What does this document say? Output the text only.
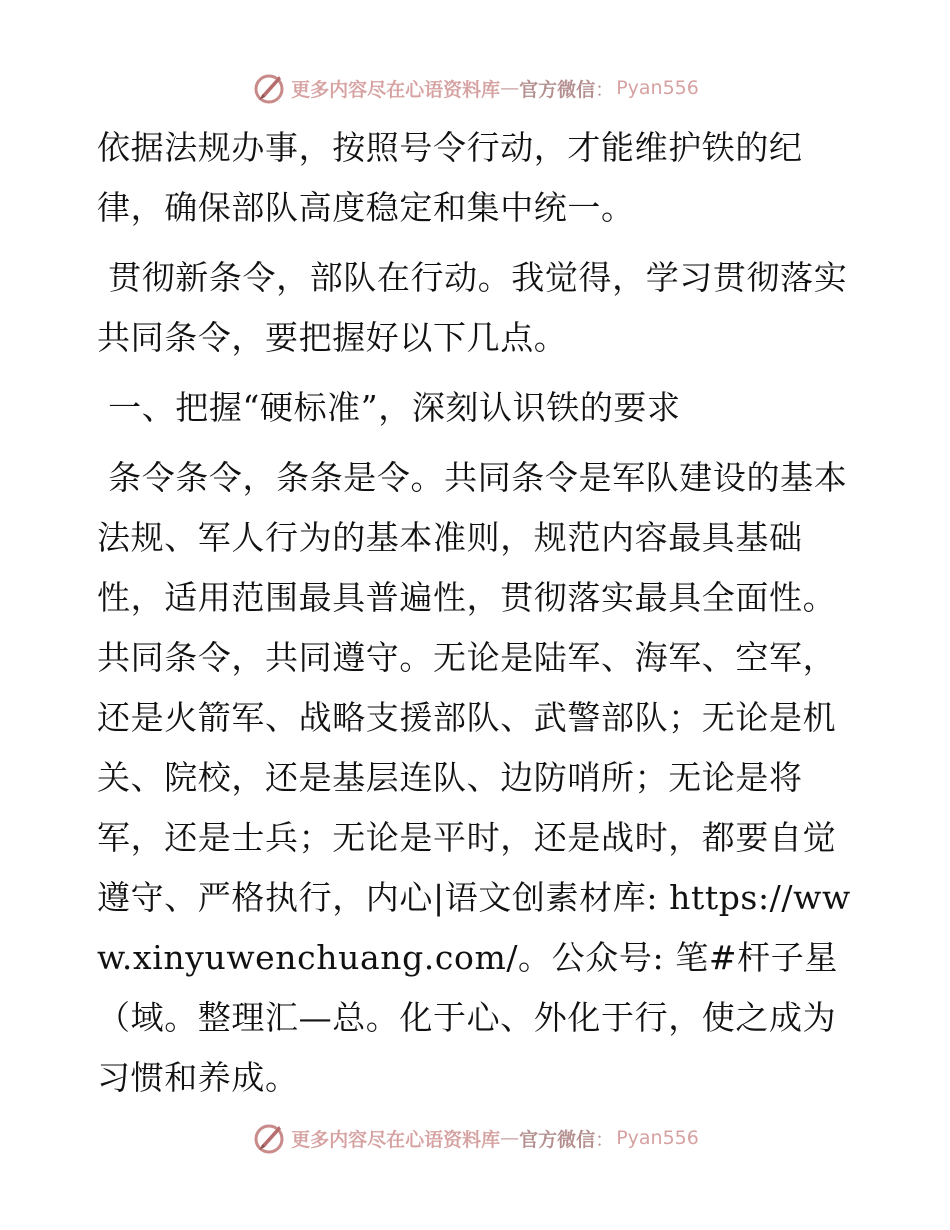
更多内容尽在心语资料库 — 官方微信 ： Pyan556

依据法规办事，按照号令行动，才能维护铁的纪律，确保部队高度稳定和集中统一。

贯彻新条令，部队在行动。我觉得，学习贯彻落实共同条令，要把握好以下几点。

一、把握“硬标准”，深刻认识铁的要求

条令条令，条条是令。共同条令是军队建设的基本法规、军人行为的基本准则，规范内容最具基础性，适用范围最具普遍性，贯彻落实最具全面性。共同条令，共同遵守。无论是陆军、海军、空军，还是火箭军、战略支援部队、武警部队；无论是机关、院校，还是基层连队、边防哨所；无论是将军，还是士兵；无论是平时，还是战时，都要自觉遵守、严格执行，内心|语文创素材库: https://www.xinyuwenchuang.com/。公众号: 笔#杆子星（域。整理汇—总。化于心、外化于行，使之成为习惯和养成。

更多内容尽在心语资料库 — 官方微信 ： Pyan556
